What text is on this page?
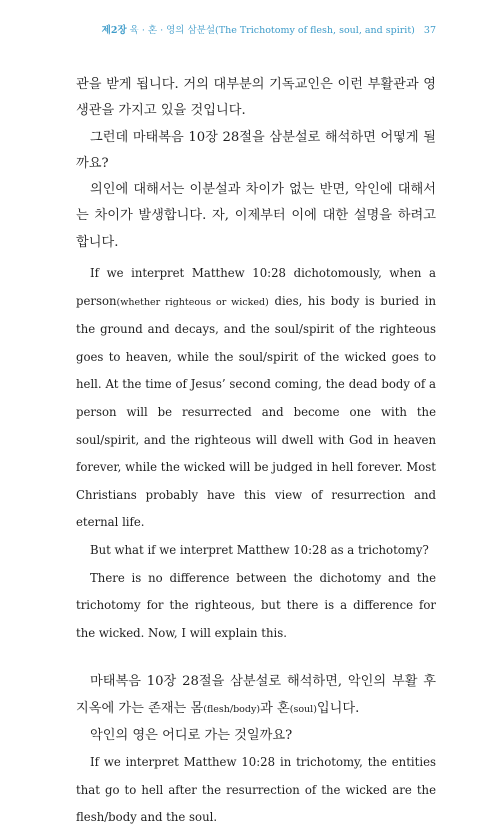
제2장 육 · 혼 · 영의 삼분설(The Trichotomy of flesh, soul, and spirit) 37

관을 받게 됩니다. 거의 대부분의 기독교인은 이런 부활관과 영생관을 가지고 있을 것입니다.

그런데 마태복음 10장 28절을 삼분설로 해석하면 어떻게 될까요?

의인에 대해서는 이분설과 차이가 없는 반면, 악인에 대해서는 차이가 발생합니다. 자, 이제부터 이에 대한 설명을 하려고 합니다.

If we interpret Matthew 10:28 dichotomously, when a person(whether righteous or wicked) dies, his body is buried in the ground and decays, and the soul/spirit of the righteous goes to heaven, while the soul/spirit of the wicked goes to hell. At the time of Jesus’ second coming, the dead body of a person will be resurrected and become one with the soul/spirit, and the righteous will dwell with God in heaven forever, while the wicked will be judged in hell forever. Most Christians probably have this view of resurrection and eternal life.

But what if we interpret Matthew 10:28 as a trichotomy?

There is no difference between the dichotomy and the trichotomy for the righteous, but there is a difference for the wicked. Now, I will explain this.

마태복음 10장 28절을 삼분설로 해석하면, 악인의 부활 후 지옥에 가는 존재는 몸(flesh/body)과 혼(soul)입니다.

악인의 영은 어디로 가는 것일까요?

If we interpret Matthew 10:28 in trichotomy, the entities that go to hell after the resurrection of the wicked are the flesh/body and the soul.
